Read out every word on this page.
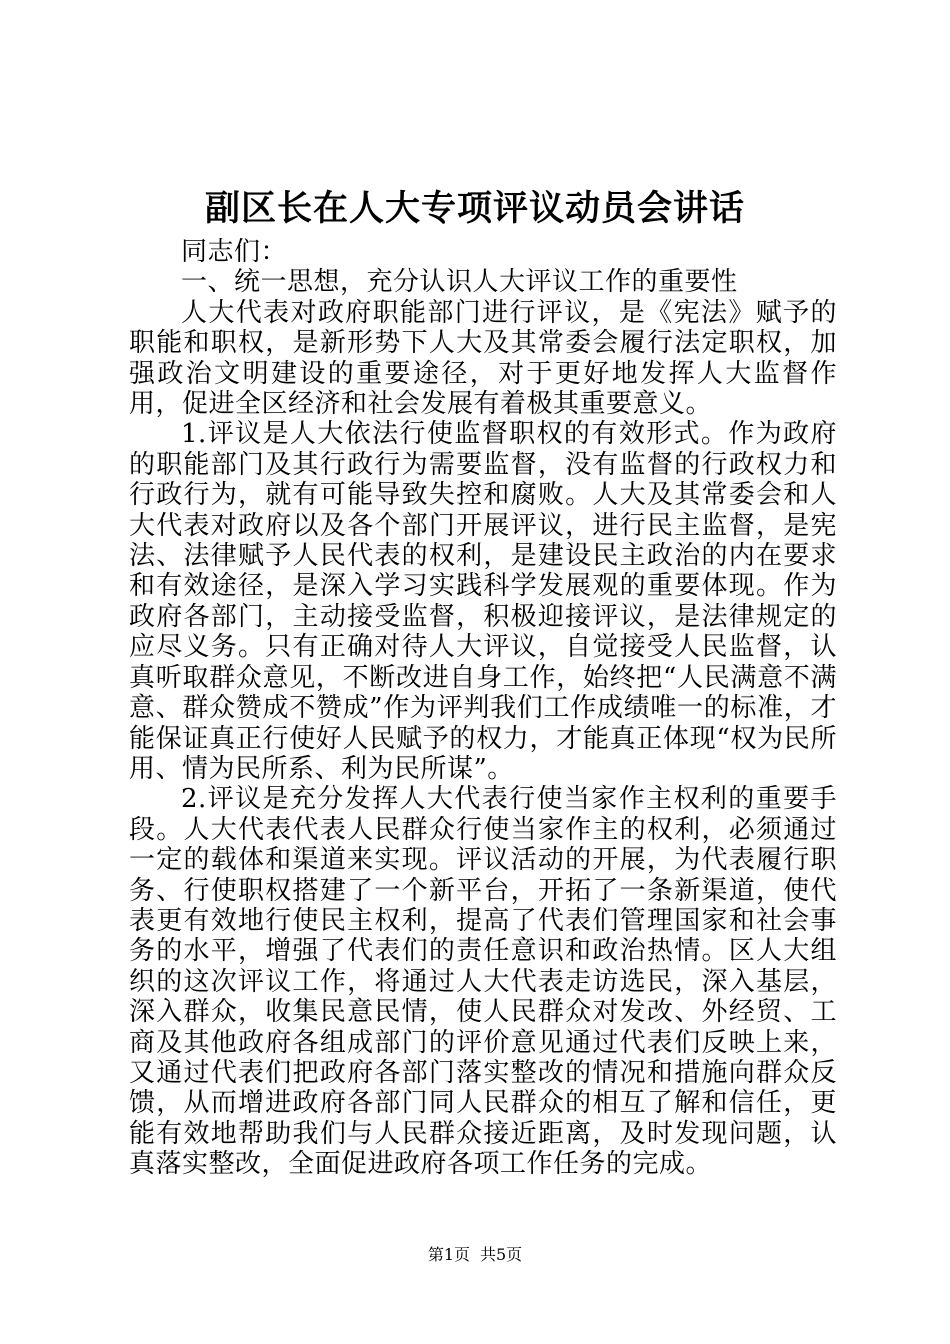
副区长在人大专项评议动员会讲话

同志们：

一、统一思想，充分认识人大评议工作的重要性

人大代表对政府职能部门进行评议，是《宪法》赋予的职能和职权，是新形势下人大及其常委会履行法定职权，加强政治文明建设的重要途径，对于更好地发挥人大监督作用，促进全区经济和社会发展有着极其重要意义。

1.评议是人大依法行使监督职权的有效形式。作为政府的职能部门及其行政行为需要监督，没有监督的行政权力和行政行为，就有可能导致失控和腐败。人大及其常委会和人大代表对政府以及各个部门开展评议，进行民主监督，是宪法、法律赋予人民代表的权利，是建设民主政治的内在要求和有效途径，是深入学习实践科学发展观的重要体现。作为政府各部门，主动接受监督，积极迎接评议，是法律规定的应尽义务。只有正确对待人大评议，自觉接受人民监督，认真听取群众意见，不断改进自身工作，始终把“人民满意不满意、群众赞成不赞成”作为评判我们工作成绩唯一的标准，才能保证真正行使好人民赋予的权力，才能真正体现“权为民所用、情为民所系、利为民所谋”。

2.评议是充分发挥人大代表行使当家作主权利的重要手段。人大代表代表人民群众行使当家作主的权利，必须通过一定的载体和渠道来实现。评议活动的开展，为代表履行职务、行使职权搭建了一个新平台，开拓了一条新渠道，使代表更有效地行使民主权利，提高了代表们管理国家和社会事务的水平，增强了代表们的责任意识和政治热情。区人大组织的这次评议工作，将通过人大代表走访选民，深入基层，深入群众，收集民意民情，使人民群众对发改、外经贸、工商及其他政府各组成部门的评价意见通过代表们反映上来，又通过代表们把政府各部门落实整改的情况和措施向群众反馈，从而增进政府各部门同人民群众的相互了解和信任，更能有效地帮助我们与人民群众接近距离，及时发现问题，认真落实整改，全面促进政府各项工作任务的完成。

第1页 共5页
